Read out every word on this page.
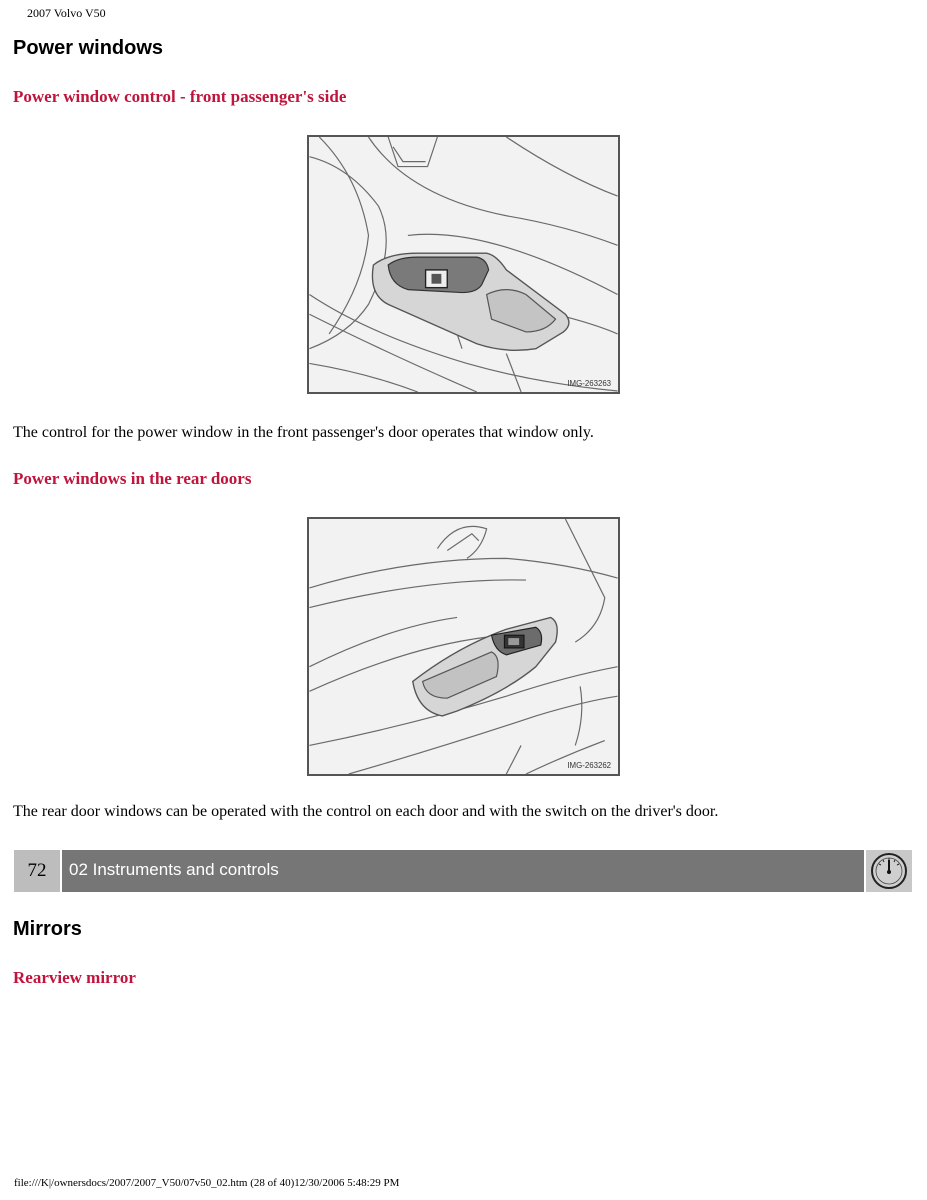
2007 Volvo V50
Power windows
Power window control - front passenger's side
IMG-263263
The control for the power window in the front passenger's door operates that window only.
Power windows in the rear doors
IMG-263262
The rear door windows can be operated with the control on each door and with the switch on the driver's door.
72	02 Instruments and controls
Mirrors
Rearview mirror
file:///K|/ownersdocs/2007/2007_V50/07v50_02.htm (28 of 40)12/30/2006 5:48:29 PM
